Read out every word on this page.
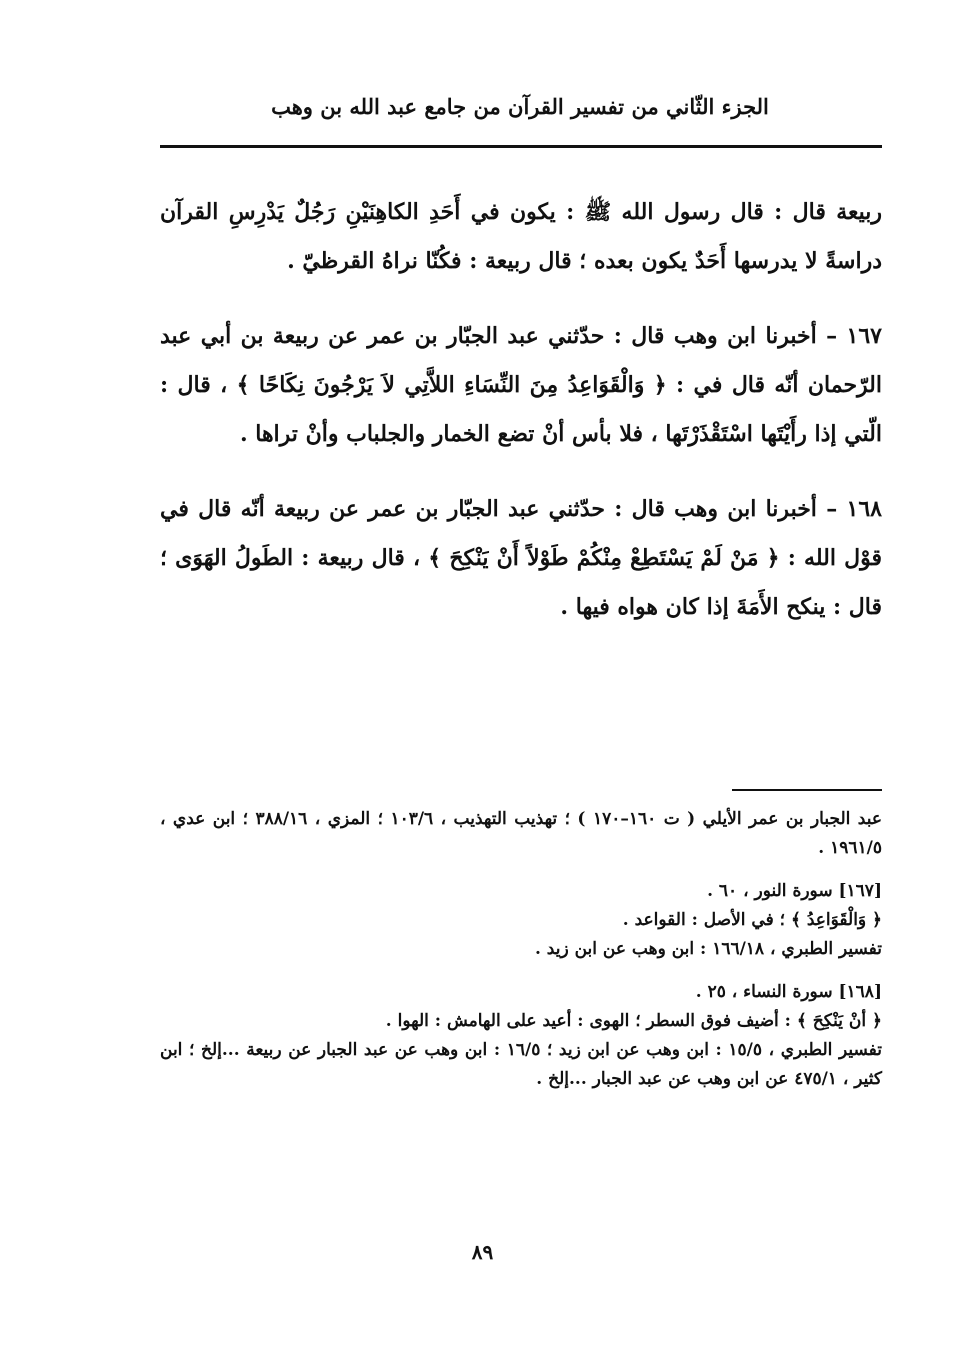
الجزء الثّاني من تفسير القرآن من جامع عبد الله بن وهب

ربيعة قال : قال رسول الله ﷺ : يكون في أَحَدِ الكاهِنَيْنِ رَجُلٌ يَدْرِسِ القرآن دراسةً لا يدرسها أَحَدٌ يكون بعده ؛ قال ربيعة : فكُنّا نراهُ القرظيّ .

١٦٧ – أخبرنا ابن وهب قال : حدّثني عبد الجبّار بن عمر عن ربيعة بن أبي عبد الرّحمان أنّه قال في : ﴿ وَالْقَوَاعِدُ مِنَ النِّسَاءِ اللاَّتِي لاَ يَرْجُونَ نِكَاحًا ﴾ ، قال : الّتي إذا رأَيْتَها اسْتَقْذَرْتَها ، فلا بأس أنْ تضع الخمار والجلباب وأنْ تراها .

١٦٨ – أخبرنا ابن وهب قال : حدّثني عبد الجبّار بن عمر عن ربيعة أنّه قال في قوْل الله : ﴿ مَنْ لَمْ يَسْتَطِعْ مِنْكُمْ طَوْلاً أَنْ يَنْكِحَ ﴾ ، قال ربيعة : الطَولُ الهَوَى ؛ قال : ينكح الأَمَةَ إذا كان هواه فيها .

عبد الجبار بن عمر الأيلي ( ت ١٦٠–١٧٠ ) ؛ تهذيب التهذيب ، ١٠٣/٦ ؛ المزي ، ٣٨٨/١٦ ؛ ابن عدي ، ١٩٦١/٥ .

[١٦٧] سورة النور ، ٦٠ .

﴿ وَالْقَوَاعِدُ ﴾ ؛ في الأصل : القواعد .

تفسير الطبري ، ١٦٦/١٨ : ابن وهب عن ابن زيد .

[١٦٨] سورة النساء ، ٢٥ .

﴿ أنْ يَنْكِحَ ﴾ : أضيف فوق السطر ؛ الهوى : أعيد على الهامش : الهوا .

تفسير الطبري ، ١٥/٥ : ابن وهب عن ابن زيد ؛ ١٦/٥ : ابن وهب عن عبد الجبار عن ربيعة ...إلخ ؛ ابن كثير ، ٤٧٥/١ عن ابن وهب عن عبد الجبار ...إلخ .

٨٩
